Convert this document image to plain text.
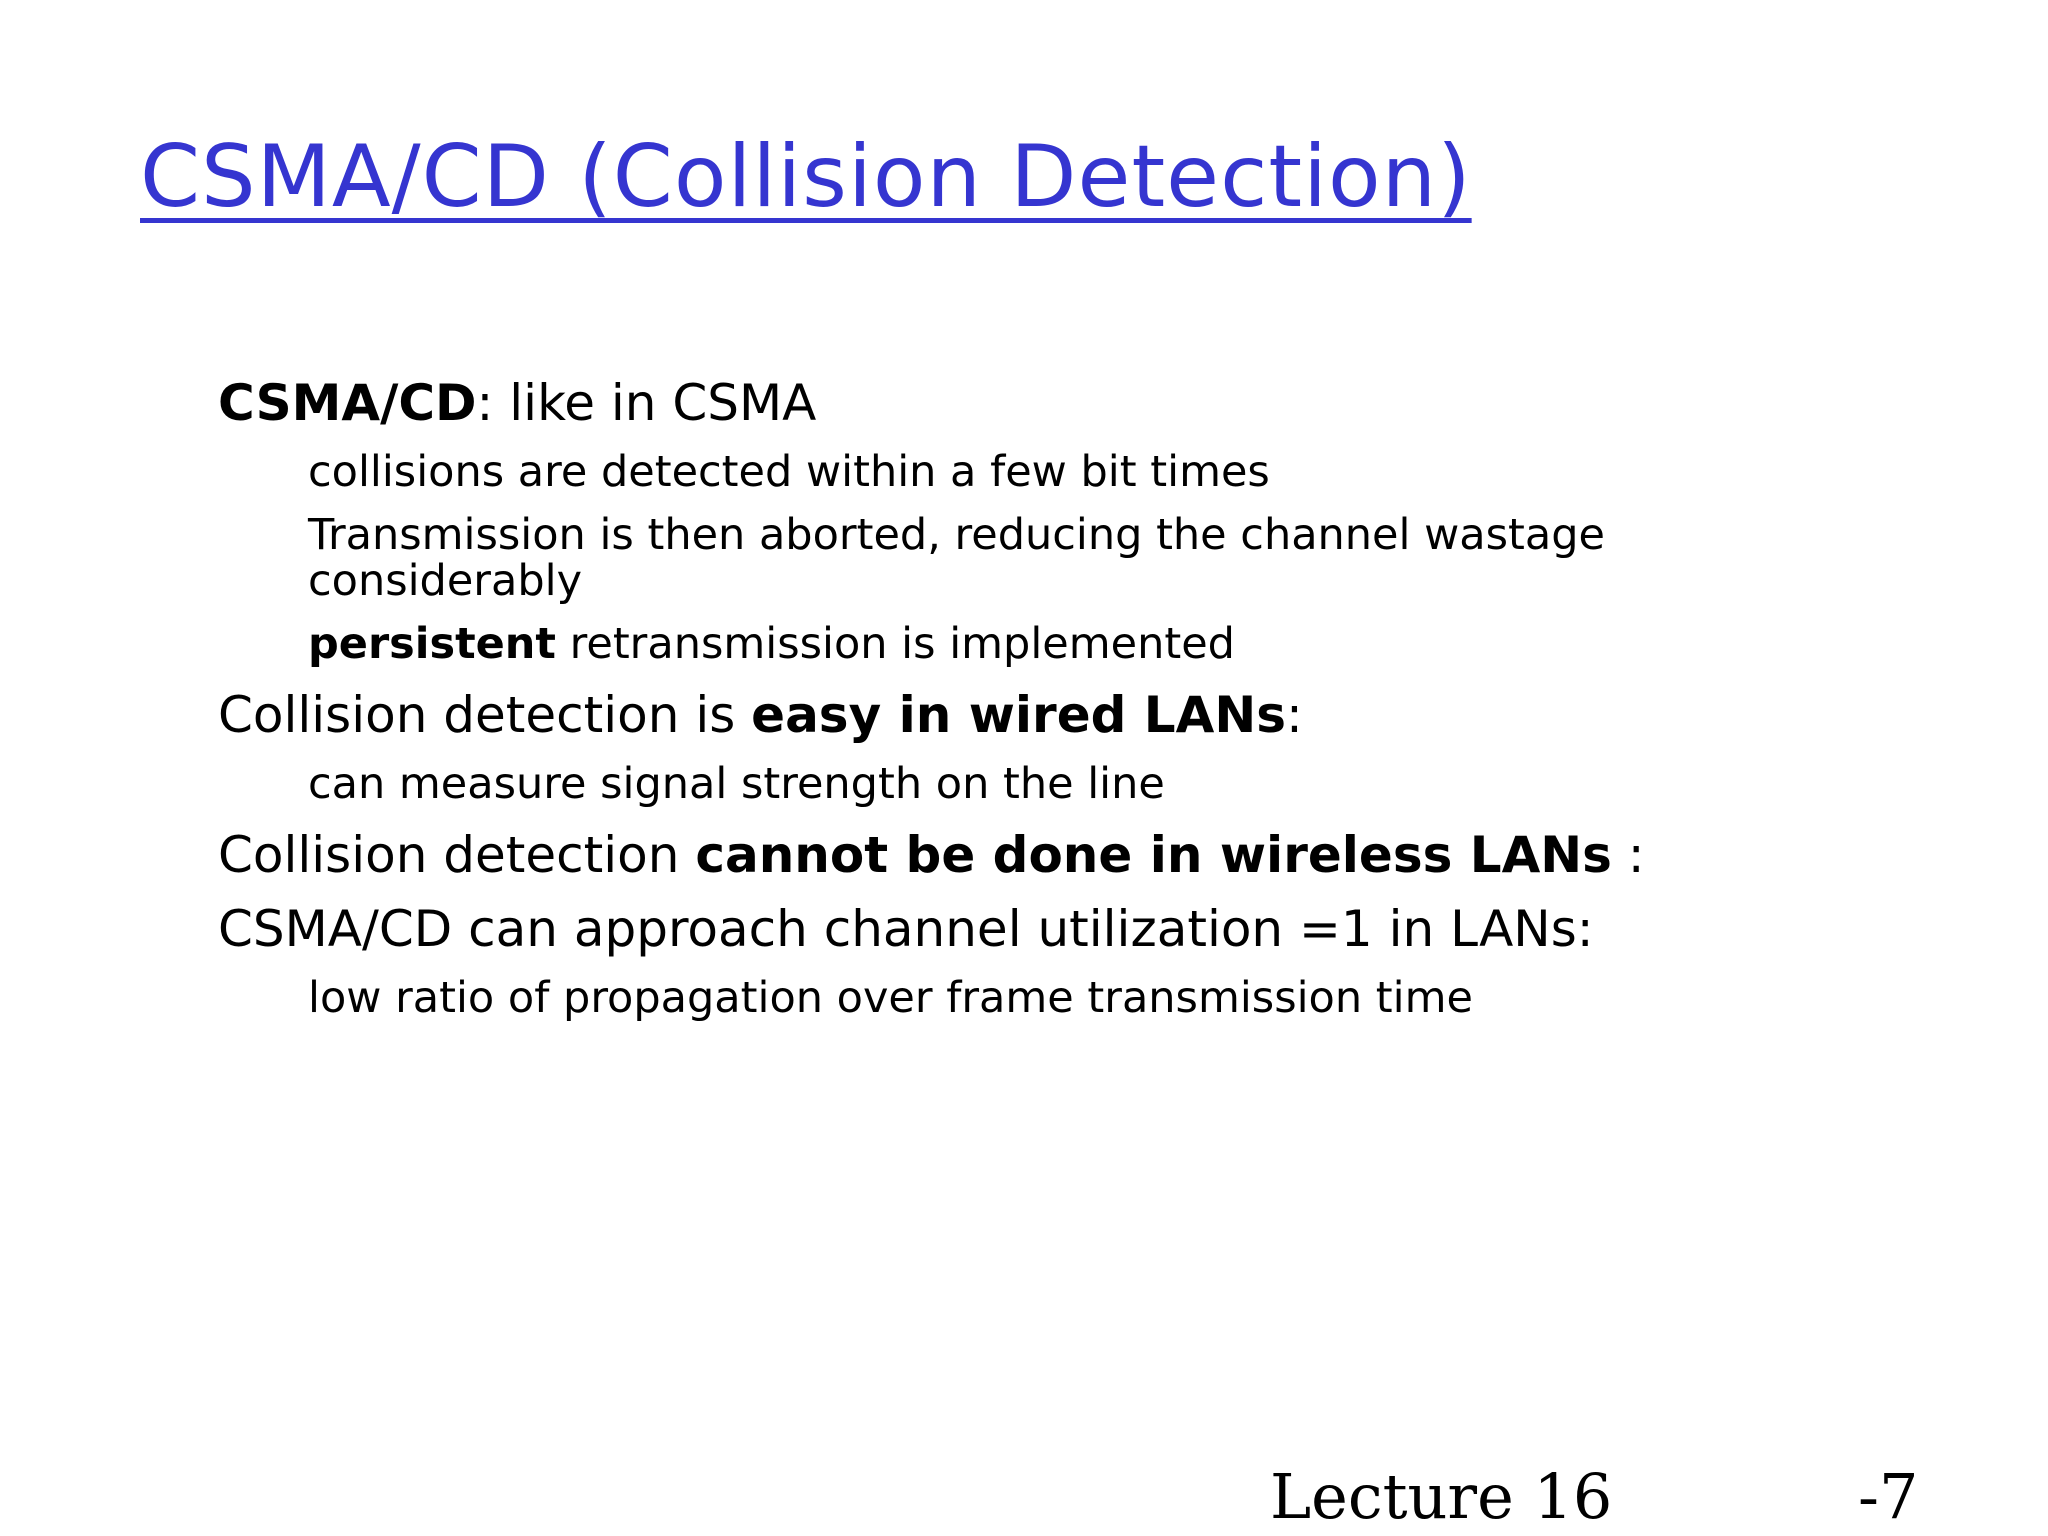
CSMA/CD (Collision Detection)

CSMA/CD: like in CSMA

collisions are detected within a few bit times

Transmission is then aborted, reducing the channel wastage considerably

persistent retransmission is implemented

Collision detection is easy in wired LANs:

can measure signal strength on the line

Collision detection cannot be done in wireless LANs :

CSMA/CD can approach channel utilization =1 in LANs:

low ratio of propagation over frame transmission time

Lecture 16	-7
